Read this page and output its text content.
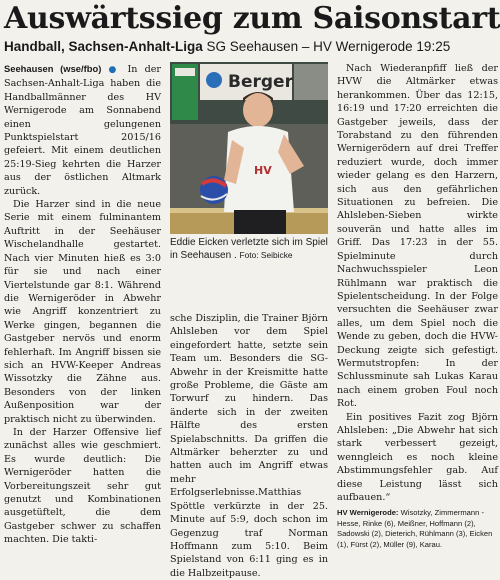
Auswärtssieg zum Saisonstart
Handball, Sachsen-Anhalt-Liga SG Seehausen – HV Wernigerode 19:25

Seehausen (wse/fbo) ● In der Sachsen-Anhalt-Liga haben die Handballmänner des HV Wernigerode am Sonnabend einen gelungenen Punktspielstart 2015/16 gefeiert. Mit einem deutlichen 25:19-Sieg kehrten die Harzer aus der östlichen Altmark zurück.

Die Harzer sind in die neue Serie mit einem fulminantem Auftritt in der Seehäuser Wischelandhalle gestartet. Nach vier Minuten hieß es 3:0 für sie und nach einer Viertelstunde gar 8:1. Während die Wernigeröder in Abwehr wie Angriff konzentriert zu Werke gingen, begannen die Gastgeber nervös und enorm fehlerhaft. Im Angriff bissen sie sich an HVW-Keeper Andreas Wissotzky die Zähne aus. Besonders von der linken Außenposition war der praktisch nicht zu überwinden.

In der Harzer Offensive lief zunächst alles wie geschmiert. Es wurde deutlich: Die Wernigeröder hatten die Vorbereitungszeit sehr gut genutzt und Kombinationen ausgetüftelt, die dem Gastgeber schwer zu schaffen machten. Die takti-

Berger
HV
Eddie Eicken verletzte sich im Spiel in Seehausen . Foto: Seibicke

sche Disziplin, die Trainer Björn Ahlsleben vor dem Spiel eingefordert hatte, setzte sein Team um. Besonders die SG-Abwehr in der Kreismitte hatte große Probleme, die Gäste am Torwurf zu hindern. Das änderte sich in der zweiten Hälfte des ersten Spielabschnitts. Da griffen die Altmärker beherzter zu und hatten auch im Angriff etwas mehr Erfolgserlebnisse.Matthias Spöttle verkürzte in der 25. Minute auf 5:9, doch schon im Gegenzug traf Norman Hoffmann zum 5:10. Beim Spielstand von 6:11 ging es in die Halbzeitpause.

Nach Wiederanpfiff ließ der HVW die Altmärker etwas herankommen. Über das 12:15, 16:19 und 17:20 erreichten die Gastgeber jeweils, dass der Torabstand zu den führenden Wernigerödern auf drei Treffer reduziert wurde, doch immer wieder gelang es den Harzern, sich aus den gefährlichen Situationen zu befreien. Die Ahlsleben-Sieben wirkte souverän und hatte alles im Griff. Das 17:23 in der 55. Spielminute durch Nachwuchsspieler Leon Rühlmann war praktisch die Spielentscheidung. In der Folge versuchten die Seehäuser zwar alles, um dem Spiel noch die Wende zu geben, doch die HVW-Deckung zeigte sich gefestigt. Wermutstropfen: In der Schlussminute sah Lukas Karau nach einem groben Foul noch Rot.

Ein positives Fazit zog Björn Ahlsleben: „Die Abwehr hat sich stark verbessert gezeigt, wenngleich es noch kleine Abstimmungsfehler gab. Auf diese Leistung lässt sich aufbauen.“

HV Wernigerode: Wisotzky, Zimmermann - Hesse, Rinke (6), Meißner, Hoffmann (2), Sadowski (2), Dieterich, Rühlmann (3), Eicken (1), Fürst (2), Müller (9), Karau.
